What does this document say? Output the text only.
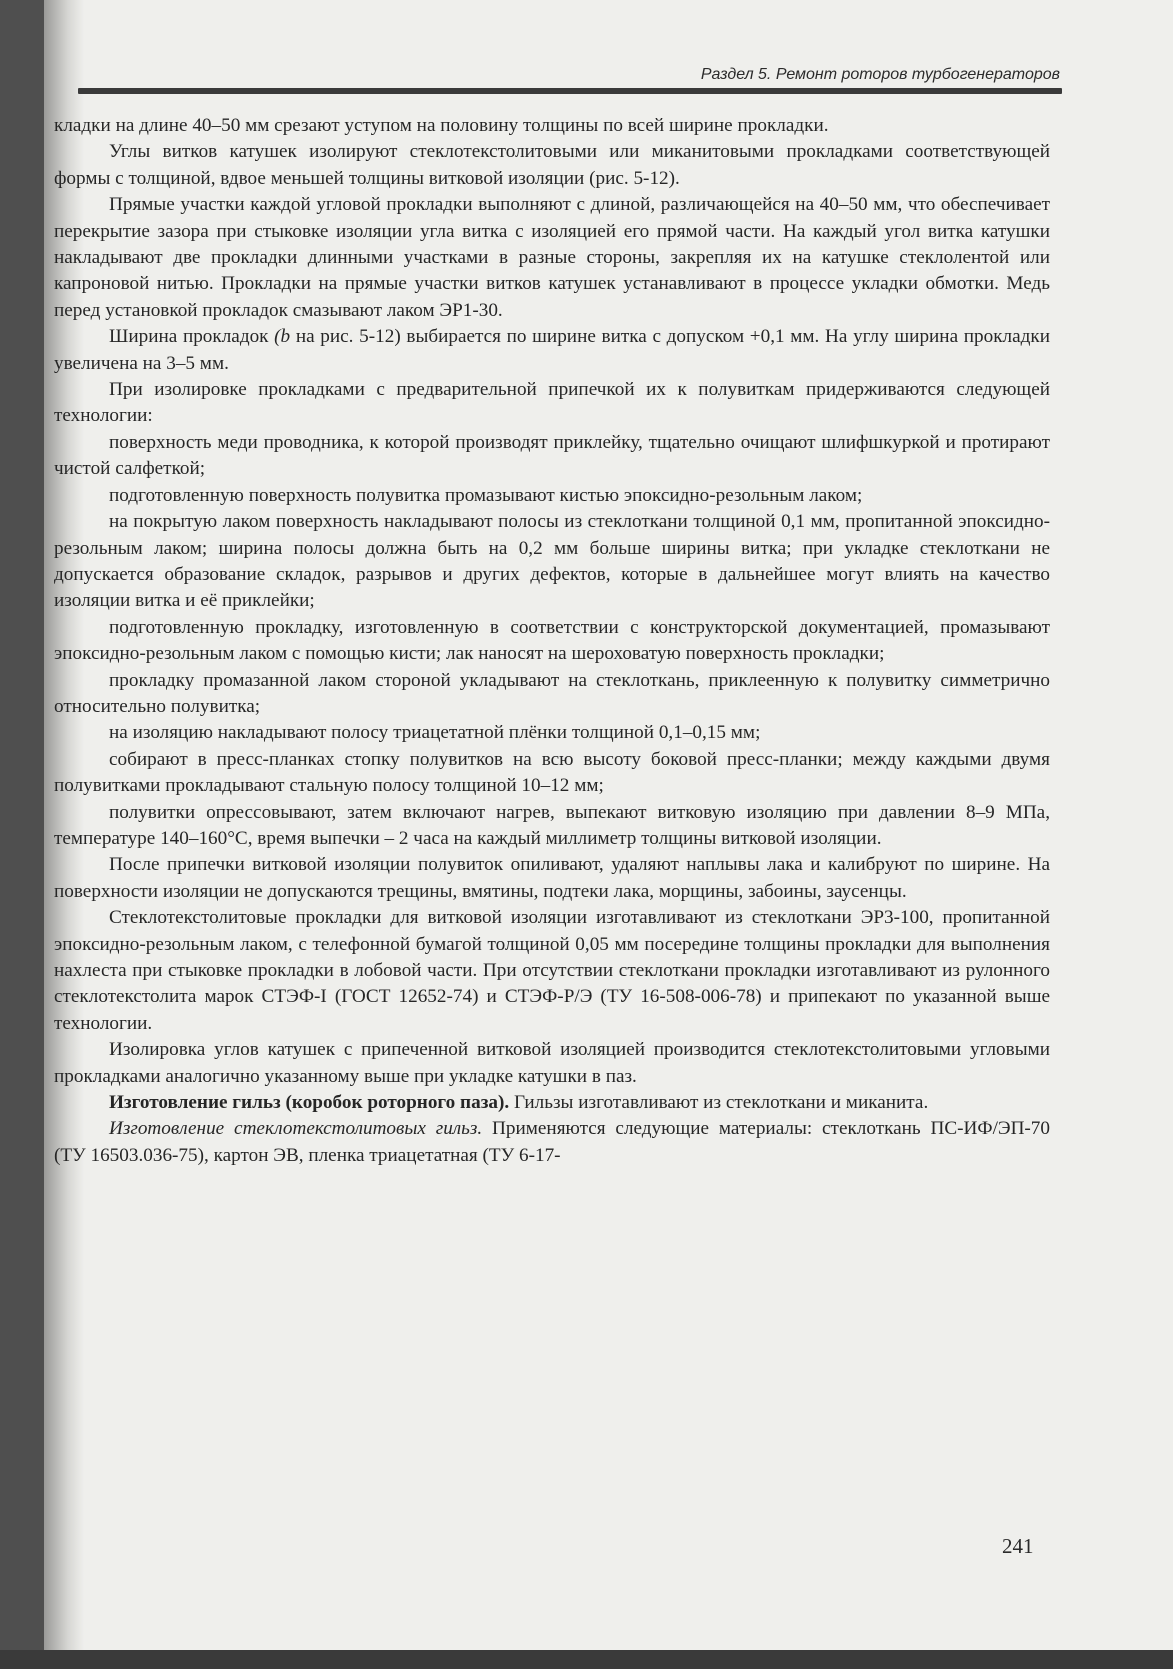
Раздел 5. Ремонт роторов турбогенераторов

кладки на длине 40–50 мм срезают уступом на половину толщины по всей ширине прокладки.

Углы витков катушек изолируют стеклотекстолитовыми или миканитовыми прокладками соответствующей формы с толщиной, вдвое меньшей толщины витковой изоляции (рис. 5-12).

Прямые участки каждой угловой прокладки выполняют с длиной, различающейся на 40–50 мм, что обеспечивает перекрытие зазора при стыковке изоляции угла витка с изоляцией его прямой части. На каждый угол витка катушки накладывают две прокладки длинными участками в разные стороны, закрепляя их на катушке стеклолентой или капроновой нитью. Прокладки на прямые участки витков катушек устанавливают в процессе укладки обмотки. Медь перед установкой прокладок смазывают лаком ЭР1-30.

Ширина прокладок (b на рис. 5-12) выбирается по ширине витка с допуском +0,1 мм. На углу ширина прокладки увеличена на 3–5 мм.

При изолировке прокладками с предварительной припечкой их к полувиткам придерживаются следующей технологии:

поверхность меди проводника, к которой производят приклейку, тщательно очищают шлифшкуркой и протирают чистой салфеткой;

подготовленную поверхность полувитка промазывают кистью эпоксидно-резольным лаком;

на покрытую лаком поверхность накладывают полосы из стеклоткани толщиной 0,1 мм, пропитанной эпоксидно-резольным лаком; ширина полосы должна быть на 0,2 мм больше ширины витка; при укладке стеклоткани не допускается образование складок, разрывов и других дефектов, которые в дальнейшее могут влиять на качество изоляции витка и её приклейки;

подготовленную прокладку, изготовленную в соответствии с конструкторской документацией, промазывают эпоксидно-резольным лаком с помощью кисти; лак наносят на шероховатую поверхность прокладки;

прокладку промазанной лаком стороной укладывают на стеклоткань, приклеенную к полувитку симметрично относительно полувитка;

на изоляцию накладывают полосу триацетатной плёнки толщиной 0,1–0,15 мм;

собирают в пресс-планках стопку полувитков на всю высоту боковой пресс-планки; между каждыми двумя полувитками прокладывают стальную полосу толщиной 10–12 мм;

полувитки опрессовывают, затем включают нагрев, выпекают витковую изоляцию при давлении 8–9 МПа, температуре 140–160°С, время выпечки – 2 часа на каждый миллиметр толщины витковой изоляции.

После припечки витковой изоляции полувиток опиливают, удаляют наплывы лака и калибруют по ширине. На поверхности изоляции не допускаются трещины, вмятины, подтеки лака, морщины, забоины, заусенцы.

Стеклотекстолитовые прокладки для витковой изоляции изготавливают из стеклоткани ЭР3-100, пропитанной эпоксидно-резольным лаком, с телефонной бумагой толщиной 0,05 мм посередине толщины прокладки для выполнения нахлеста при стыковке прокладки в лобовой части. При отсутствии стеклоткани прокладки изготавливают из рулонного стеклотекстолита марок СТЭФ-І (ГОСТ 12652-74) и СТЭФ-Р/Э (ТУ 16-508-006-78) и припекают по указанной выше технологии.

Изолировка углов катушек с припеченной витковой изоляцией производится стеклотекстолитовыми угловыми прокладками аналогично указанному выше при укладке катушки в паз.

Изготовление гильз (коробок роторного паза). Гильзы изготавливают из стеклоткани и миканита.

Изготовление стеклотекстолитовых гильз. Применяются следующие материалы: стеклоткань ПС-ИФ/ЭП-70 (ТУ 16503.036-75), картон ЭВ, пленка триацетатная (ТУ 6-17-

241
